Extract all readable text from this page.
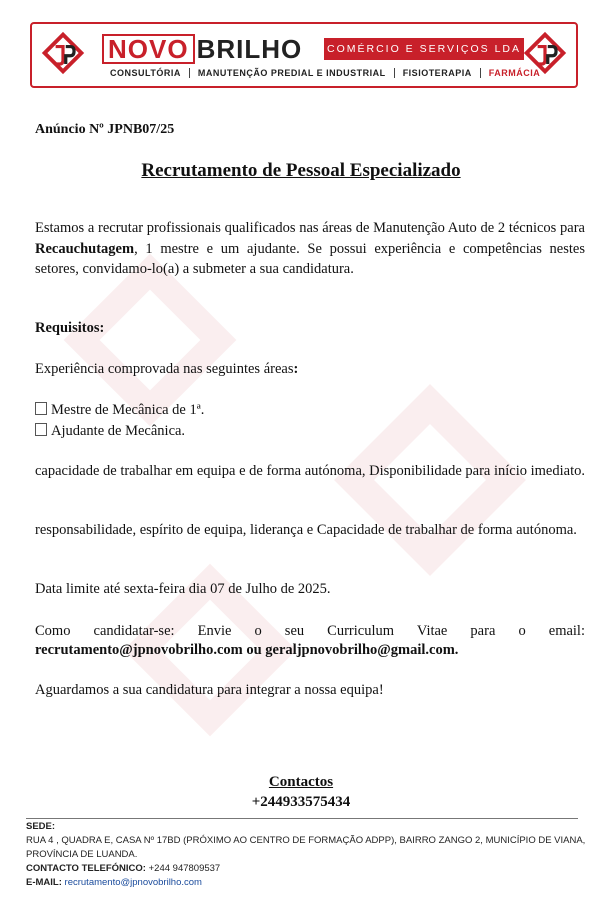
NOVO BRILHO COMÉRCIO E SERVIÇOS LDA
CONSULTÓRIA	MANUTENÇÃO PREDIAL E INDUSTRIAL	FISIOTERAPIA	FARMÁCIA
Anúncio Nº JPNB07/25
Recrutamento de Pessoal Especializado
Estamos a recrutar profissionais qualificados nas áreas de Manutenção Auto de 2 técnicos para Recauchutagem, 1 mestre e um ajudante. Se possui experiência e competências nestes setores, convidamo-lo(a) a submeter a sua candidatura.
Requisitos:
Experiência comprovada nas seguintes áreas:
Mestre de Mecânica de 1ª.
Ajudante de Mecânica.
capacidade de trabalhar em equipa e de forma autónoma, Disponibilidade para início imediato.
responsabilidade, espírito de equipa, liderança e Capacidade de trabalhar de forma autónoma.
Data limite até sexta-feira dia 07 de Julho de 2025.
Como candidatar-se: Envie o seu Curriculum Vitae para o email:
recrutamento@jpnovobrilho.com ou geraljpnovobrilho@gmail.com.
Aguardamos a sua candidatura para integrar a nossa equipa!
Contactos
+244933575434
SEDE:
RUA 4 , QUADRA E, CASA Nº 17BD (PRÓXIMO AO CENTRO DE FORMAÇÃO ADPP), BAIRRO ZANGO 2, MUNICÍPIO DE VIANA, PROVÍNCIA DE LUANDA.
CONTACTO TELEFÓNICO: +244 947809537
E-MAIL: recrutamento@jpnovobrilho.com
